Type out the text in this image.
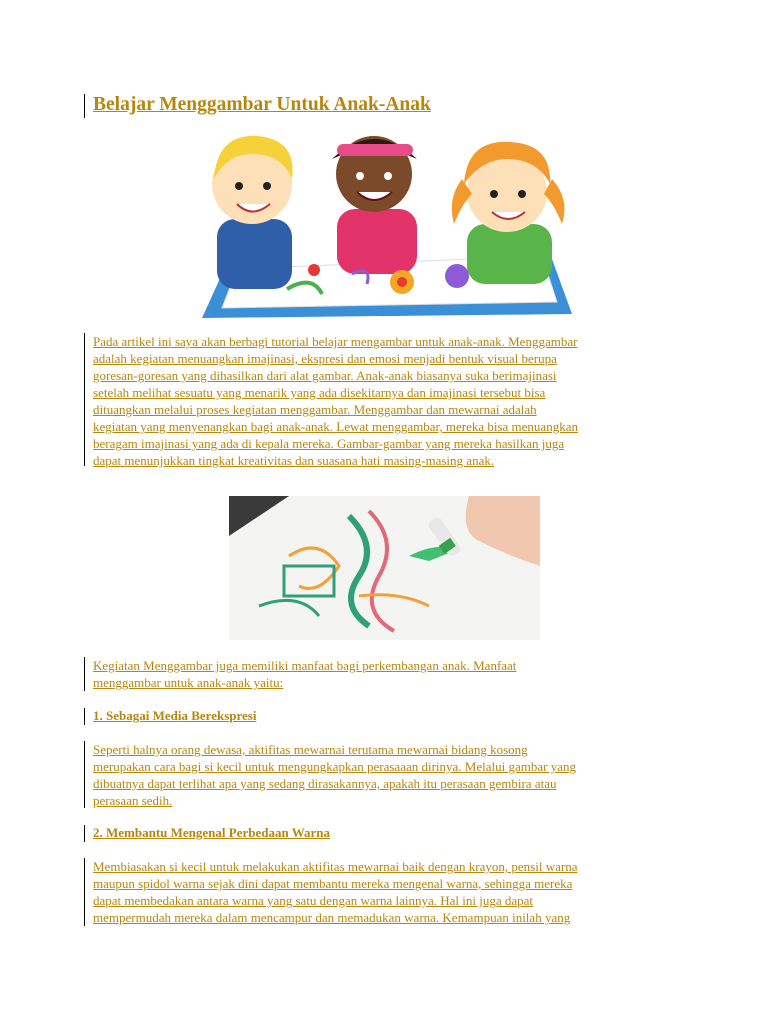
Belajar Menggambar Untuk Anak-Anak
Pada artikel ini saya akan berbagi tutorial belajar mengambar untuk anak-anak. Menggambar
adalah kegiatan menuangkan imajinasi, ekspresi dan emosi menjadi bentuk visual berupa
goresan-goresan yang dihasilkan dari alat gambar. Anak-anak biasanya suka berimajinasi
setelah melihat sesuatu yang menarik yang ada disekitarnya dan imajinasi tersebut bisa
dituangkan melalui proses kegiatan menggambar. Menggambar dan mewarnai adalah
kegiatan yang menyenangkan bagi anak-anak. Lewat menggambar, mereka bisa menuangkan
beragam imajinasi yang ada di kepala mereka. Gambar-gambar yang mereka hasilkan juga
dapat menunjukkan tingkat kreativitas dan suasana hati masing-masing anak.
Kegiatan Menggambar juga memiliki manfaat bagi perkembangan anak. Manfaat
menggambar untuk anak-anak yaitu:
1. Sebagai Media Berekspresi
Seperti halnya orang dewasa, aktifitas mewarnai terutama mewarnai bidang kosong
merupakan cara bagi si kecil untuk mengungkapkan perasaaan dirinya. Melalui gambar yang
dibuatnya dapat terlihat apa yang sedang dirasakannya, apakah itu perasaan gembira atau
perasaan sedih.
2. Membantu Mengenal Perbedaan Warna
Membiasakan si kecil untuk melakukan aktifitas mewarnai baik dengan krayon, pensil warna
maupun spidol warna sejak dini dapat membantu mereka mengenal warna, sehingga mereka
dapat membedakan antara warna yang satu dengan warna lainnya. Hal ini juga dapat
mempermudah mereka dalam mencampur dan memadukan warna. Kemampuan inilah yang
